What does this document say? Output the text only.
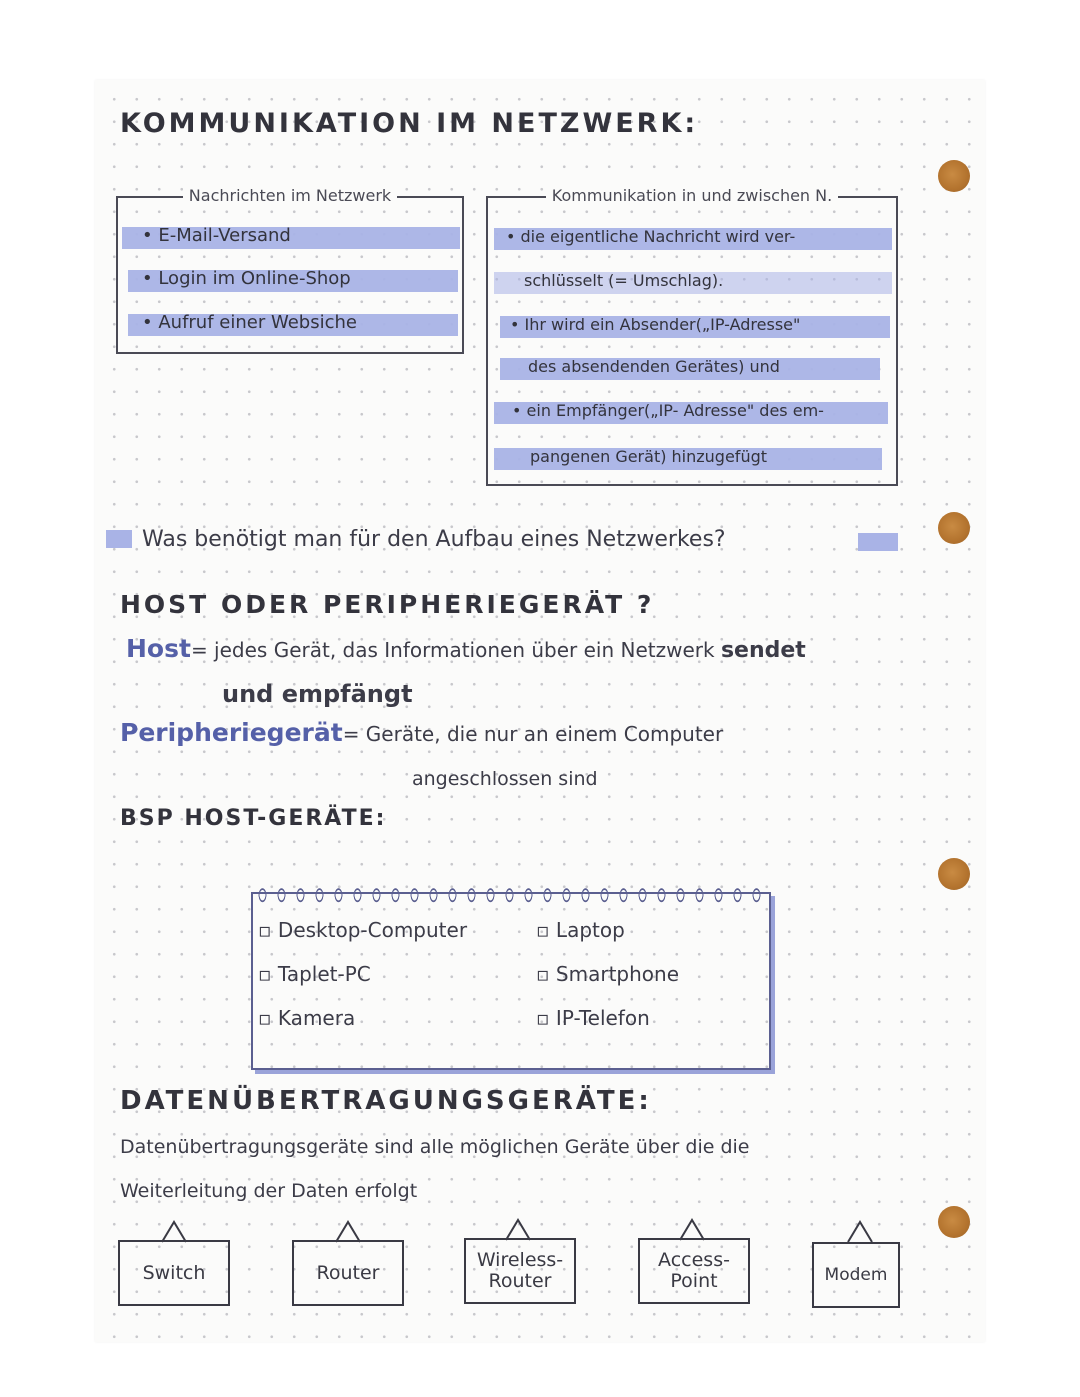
KOMMUNIKATION IM NETZWERK:
Nachrichten im Netzwerk
• E-Mail-Versand
• Login im Online-Shop
• Aufruf einer Websiche
Kommunikation in und zwischen N.
• die eigentliche Nachricht wird ver-
schlüsselt (= Umschlag).
• Ihr wird ein Absender(„IP-Adresse"
des absendenden Gerätes) und
• ein Empfänger(„IP- Adresse" des em-
pangenen Gerät) hinzugefügt
Was benötigt man für den Aufbau eines Netzwerkes?
HOST ODER PERIPHERIEGERÄT ?
Host= jedes Gerät, das Informationen über ein Netzwerk sendet
und empfängt
Peripheriegerät= Geräte, die nur an einem Computer
angeschlossen sind
BSP HOST-GERÄTE:
▫ Desktop-Computer
▫ Taplet-PC
▫ Kamera
▫ Laptop
▫ Smartphone
▫ IP-Telefon
DATENÜBERTRAGUNGSGERÄTE:
Datenübertragungsgeräte sind alle möglichen Geräte über die die
Weiterleitung der Daten erfolgt
Switch	Router
Wireless-Router
Access-Point	Modem
